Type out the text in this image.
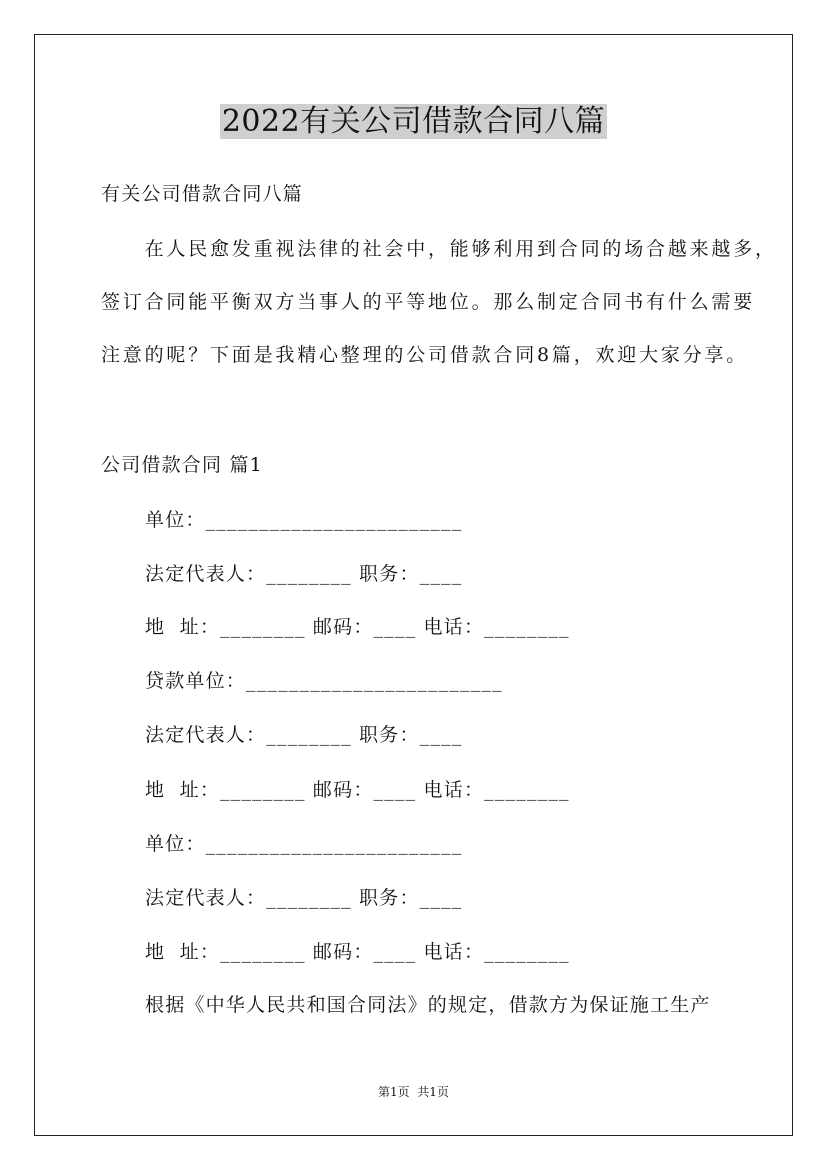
2022有关公司借款合同八篇
有关公司借款合同八篇
　　在人民愈发重视法律的社会中，能够利用到合同的场合越来越多，
签订合同能平衡双方当事人的平等地位。那么制定合同书有什么需要
注意的呢？下面是我精心整理的公司借款合同8篇，欢迎大家分享。
公司借款合同 篇1
单位：________________________
法定代表人：________ 职务：____
地  址：________ 邮码：____ 电话：________
贷款单位：________________________
法定代表人：________ 职务：____
地  址：________ 邮码：____ 电话：________
单位：________________________
法定代表人：________ 职务：____
地  址：________ 邮码：____ 电话：________
根据《中华人民共和国合同法》的规定，借款方为保证施工生产
第1页  共1页
